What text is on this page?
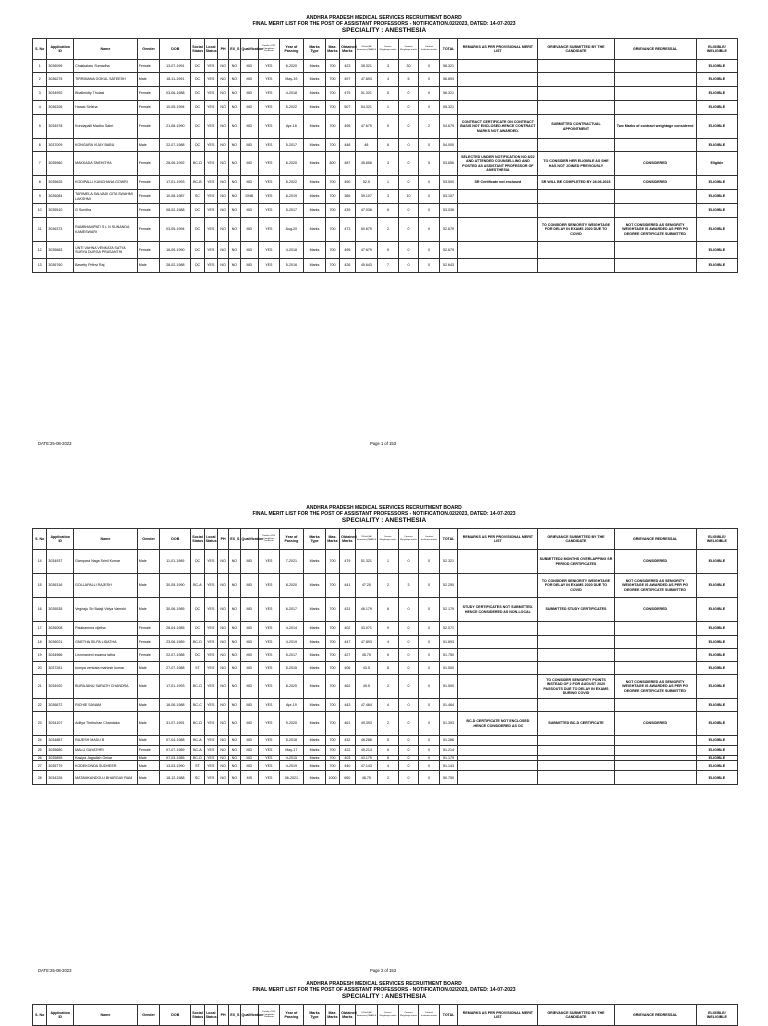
ANDHRA PRADESH MEDICAL SERVICES RECRUITMENT BOARD
FINAL MERIT LIST FOR THE POST OF ASSISTANT PROFESSORS - NOTIFICATION.02/2023, DATED: 14-07-2023
SPECIALITY : ANESTHESIA
S. No	Application ID	Name	Gender	DOB	Social Status	Local Status	PH	EX_S	Qualification	Details of PG Completion Ceritficate	Year of Passing	Marks Type	Max. Marks	Obtained Marks	%Total (All Semesters) MARKS	Service Weightage marks	Contract Weightage marks	Contract Institution marks	TOTAL	REMARKS AS PER PROVISIONAL MERIT LIST	GRIEVANCE SUBMITTED BY THE CANDIDATE	GRIEVANCE REDRESSAL	ELIGIBLE/ INELIGIBLE
1	3036099	Chakkalaru Sumadha	Female	13-07-1991	OC	YES	NO	NO	MD	YES	6-2020	Marks	700	423	35.321	3	30	0	58.321				ELIGIBLE
2	3036275	TIRRIMANA GOKUL SATEESH	Male	18-11-1991	OC	YES	NO	NO	MD	YES	May-19	Marks	700	497	47.893	4	5	0	56.893				ELIGIBLE
3	3034992	Bhallmidty Thulasi	Female	03-06-1988	OC	YES	NO	NO	MD	YES	4-2018	Marks	700	479	51.321	5	0	0	56.321				ELIGIBLE
4	3036326	Harasi Sirisha	Female	10-05-1994	OC	YES	NO	NO	MD	YES	5-2022	Marks	700	507	54.321	1	0	0	55.321				ELIGIBLE
5	3034978	Kondapalli Madhu Sabri	Female	21-08-1990	OC	YES	NO	NO	MD	YES	Apr-18	Marks	700	495	47.679	5	0	2	54.679	CONTRACT CERTIFICATE ON CONTRACT BASIS NOT ENCLOSED.HENCE CONTRACT MARKS NOT AWARDED.	SUBMITTED CONTRACTUAL APPOINTMENT	Two Marks of contract weightage considered	ELIGIBLE
6	3037009	KONGARA VIJAY BABU	Male	22-07-1988	OC	YES	NO	NO	MD	YES	5-2017	Marks	700	448	48	6	0	0	54.000				ELIGIBLE
7	3035960	MAKKADA SNEHITHA	Female	28-06-1992	BC-D	YES	NO	NO	MD	YES	6-2020	Marks	800	487	45.656	3	0	5	53.656	SELECTED UNDER NOTIFICATION NO 8/22 AND ATTENDED COUNSELLING AND POSTED AS ASSISTANT PROFESSOR OF ANESTHESIA	TO CONSIDER HER ELIGIBLE AS SHE HAS NOT JOINED PREVIOUSLY	CONSIDERED	Eligible
8	3035625	KODIPALLI KANCHANA GOWRI	Female	17-01-1993	BC-B	YES	NO	NO	MD	YES	5-2022	Marks	700	490	52.5	1	0	0	53.500	SR Certificate not enclosed	SR WILL BE COMPLETED BY 28.06.2023	CONSIDERED	ELIGIBLE
9	3036084	TARIMELA SALVADI GITA SWAHMI LAKSHMI	Female	10-08-1987	SC	YES	NO	NO	DNB	YES	6-2019	Marks	700	365	39.107	3	10	0	53.107				ELIGIBLE
10	3035510	G Sunitha	Female	08-02-1988	OC	YES	NO	NO	MD	YES	5-2017	Marks	700	439	47.036	6	0	0	53.036				ELIGIBLE
11	3036373	RAMBHAMPATI S L N SUNANDA KAMESWARI	Female	03-05-1994	OC	YES	NO	NO	MD	YES	Aug-20	Marks	700	473	50.679	2	0	0	52.679		TO CONSIDER SENIORITY WEIGHTAGE FOR DELAY IN EXAMS 2020 DUE TO COVID	NOT CONSIDERED AS SENIORITY WEIGHTAGE IS AWARDED AS PER PG DEGREE CERTIFICATE SUBMITTED	ELIGIBLE
12	3035683	UNTI VAHNA VENKATA SATYA SURYA DURGA PRASANTHI	Female	16-09-1990	OC	YES	NO	NO	MD	YES	4-2018	Marks	700	495	47.679	5	0	0	52.679				ELIGIBLE
13	3036760	Bavetty Prithvi Raj	Male	28-02-1988	OC	YES	NO	NO	MD	YES	5-2016	Marks	700	426	45.643	7	0	0	52.643				ELIGIBLE
DATE:25-08-2023	Page 1 of 153
ANDHRA PRADESH MEDICAL SERVICES RECRUITMENT BOARD
FINAL MERIT LIST FOR THE POST OF ASSISTANT PROFESSORS - NOTIFICATION.02/2023, DATED: 14-07-2023
SPECIALITY : ANESTHESIA
S. No	Application ID	Name	Gender	DOB	Social Status	Local Status	PH	EX_S	Qualification	Details of PG Completion Ceritficate	Year of Passing	Marks Type	Max. Marks	Obtained Marks	%Total (All Semesters) MARKS	Service Weightage marks	Contract Weightage marks	Contract Institution marks	TOTAL	REMARKS AS PER PROVISIONAL MERIT LIST	GRIEVANCE SUBMITTED BY THE CANDIDATE	GRIEVANCE REDRESSAL	ELIGIBLE/ INELIGIBLE
14	3034937	Gampara Naga Srinil Kumar	Male	11-01-1989	OC	YES	NO	NO	MD	YES	7-2021	Marks	700	479	51.321	1	0	0	52.321		SUBMITTED2 MONTHS OVERLAPPING SR PERIOD CERTIFICATES	CONSIDERED	ELIGIBLE
15	3036316	GOLLAPALLI RAJESH	Male	30-05-1990	BC-A	YES	NO	NO	MD	YES	8-2020	Marks	700	441	47.25	2	3	0	52.250		TO CONSIDER SENIORITY WEIGHTAGE FOR DELAY IN EXAMS 2020 DUE TO COVID	NOT CONSIDERED AS SENIORITY WEIGHTAGE IS AWARDED AS PER PG DEGREE CERTIFICATE SUBMITTED	ELIGIBLE
16	3035535	Vegiraju Sri Balaji Vidya Vamshi	Male	30-06-1985	OC	YES	NO	NO	MD	YES	6-2017	Marks	700	431	46.179	6	0	0	52.179	STUDY CERTIFICATES NOT SUBMITTED. HENCE CONSIDERED AS NON-LOCAL	SUBMITTED STUDY CERTIFICATES	CONSIDERED	ELIGIBLE
17	3036008	Palakamma vijetha	Female	28-04-1985	OC	YES	NO	NO	MD	YES	4-2014	Marks	700	402	43.071	9	0	0	52.071				ELIGIBLE
18	3036021	GNETHA SILPA LIDATHA	Female	23-06-1989	BC-D	YES	NO	NO	MD	YES	4-2019	Marks	700	447	47.893	4	0	0	51.893				ELIGIBLE
19	3034966	Linnmaneni swarna latha	Female	22-07-1988	OC	YES	NO	NO	MD	YES	5-2017	Marks	700	427	45.75	6	0	0	51.750				ELIGIBLE
20	3037281	kompa venkata mahesh kumar	Male	27-07-1988	ST	YES	NO	NO	MD	YES	5-2015	Marks	700	406	43.5	8	0	0	51.500				ELIGIBLE
21	3034920	BURAJANU SARATH CHANDRA	Male	17-01-1993	BC-D	YES	NO	NO	MD	YES	8-2020	Marks	700	462	49.5	2	0	0	51.500		TO CONSIDER SENIORITY POINTS INSTEAD OF 2 FOR AUGUST 2020 PASSOUTS DUE TO DELAY IN EXAMS DURING COVID	NOT CONSIDERED AS SENIORITY WEIGHTAGE IS AWARDED AS PER PG DEGREE CERTIFICATE SUBMITTED	ELIGIBLE
22	3036872	RICHIE SANAM	Male	16-06-1988	BC-C	YES	NO	NO	MD	YES	Apr-19	Marks	700	443	47.464	4	0	0	51.464				ELIGIBLE
23	3034107	Aditya Thribuhan Chandaka	Male	31-07-1991	BC-D	YES	NO	NO	MD	YES	9-2020	Marks	700	461	49.393	2	0	0	51.393	BC-D CERTIFICATE NOT ENCLOSED .HENCE CONSIDERED AS OC	SUBMITTED BC-D CERTIFICATE	CONSIDERED	ELIGIBLE
24	3034887	RAJESH MADU B	Male	07-04-1988	BC-A	YES	NO	NO	MD	YES	5-2018	Marks	700	432	46.286	5	0	0	51.286				ELIGIBLE
25	3035680	MALU GAYATHRI	Female	07-07-1989	BC-A	YES	NO	NO	MD	YES	May-17	Marks	700	422	45.214	6	0	0	51.214				ELIGIBLE
26	3035855	Kasipa Jagadish Onkar	Male	07-03-1985	BC-D	YES	NO	NO	MD	YES	4-2015	Marks	700	403	43.179	8	0	0	51.179				ELIGIBLE
27	3035779	KODEKONDA SUDHEER	Male	13-03-1990	ST	YES	NO	NO	MD	YES	4-2019	Marks	700	440	47.143	4	0	0	51.143				ELIGIBLE
28	3034326	MATAMKANDOLU BHARGAV RAM	Male	18-12-1988	SC	YES	NO	NO	MS	YES	06-2021	Marks	1000	650	48.75	2	0	0	50.750				ELIGIBLE
DATE:25-08-2023	Page 2 of 153
ANDHRA PRADESH MEDICAL SERVICES RECRUITMENT BOARD
FINAL MERIT LIST FOR THE POST OF ASSISTANT PROFESSORS - NOTIFICATION.02/2023, DATED: 14-07-2023
SPECIALITY : ANESTHESIA
S. No	Application ID	Name	Gender	DOB	Social Status	Local Status	PH	EX_S	Qualification	Details of PG Completion Ceritficate	Year of Passing	Marks Type	Max. Marks	Obtained Marks	%Total (All Semesters) MARKS	Service Weightage marks	Contract Weightage marks	Contract Institution marks	TOTAL	REMARKS AS PER PROVISIONAL MERIT LIST	GRIEVANCE SUBMITTED BY THE CANDIDATE	GRIEVANCE REDRESSAL	ELIGIBLE/ INELIGIBLE
